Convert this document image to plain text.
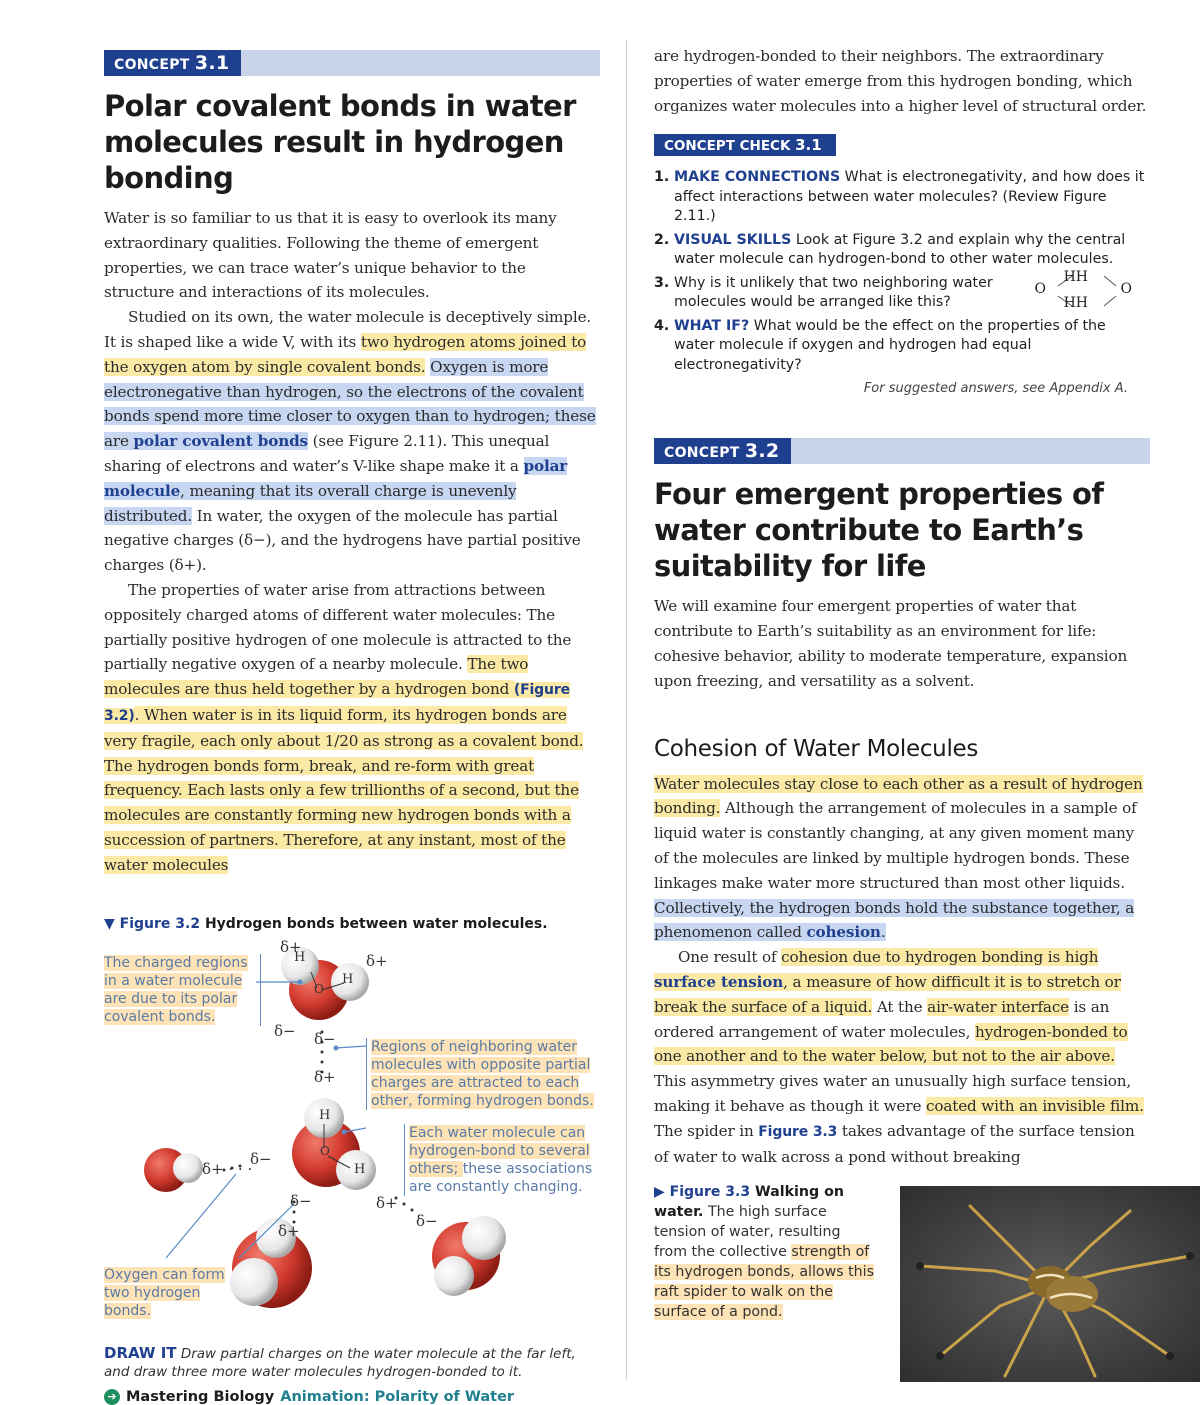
CONCEPT 3.1
Polar covalent bonds in water molecules result in hydrogen bonding

Water is so familiar to us that it is easy to overlook its many extraordinary qualities. Following the theme of emergent properties, we can trace water’s unique behavior to the structure and interactions of its molecules.

Studied on its own, the water molecule is deceptively simple. It is shaped like a wide V, with its two hydrogen atoms joined to the oxygen atom by single covalent bonds. Oxygen is more electronegative than hydrogen, so the electrons of the covalent bonds spend more time closer to oxygen than to hydrogen; these are polar covalent bonds (see Figure 2.11). This unequal sharing of electrons and water’s V-like shape make it a polar molecule, meaning that its overall charge is unevenly distributed. In water, the oxygen of the molecule has partial negative charges (δ−), and the hydrogens have partial positive charges (δ+).

The properties of water arise from attractions between oppositely charged atoms of different water molecules: The partially positive hydrogen of one molecule is attracted to the partially negative oxygen of a nearby molecule. The two molecules are thus held together by a hydrogen bond (Figure 3.2). When water is in its liquid form, its hydrogen bonds are very fragile, each only about 1/20 as strong as a covalent bond. The hydrogen bonds form, break, and re-form with great frequency. Each lasts only a few trillionths of a second, but the molecules are constantly forming new hydrogen bonds with a succession of partners. Therefore, at any instant, most of the water molecules

▼ Figure 3.2 Hydrogen bonds between water molecules.
The charged regions in a water molecule are due to its polar covalent bonds.
Regions of neighboring water molecules with opposite partial charges are attracted to each other, forming hydrogen bonds.
Each water molecule can hydrogen-bond to several others; these associations are constantly changing.
Oxygen can form two hydrogen bonds.
δ+
δ+
δ− δ−
δ+
δ+ · · ·
δ−
δ−
δ+
δ+
δ−
H
H
O
H
H
O
DRAW IT Draw partial charges on the water molecule at the far left, and draw three more water molecules hydrogen-bonded to it.
➔ Mastering Biology Animation: Polarity of Water

are hydrogen-bonded to their neighbors. The extraordinary properties of water emerge from this hydrogen bonding, which organizes water molecules into a higher level of structural order.

CONCEPT CHECK 3.1
1. MAKE CONNECTIONS What is electronegativity, and how does it affect interactions between water molecules? (Review Figure 2.11.)
2. VISUAL SKILLS Look at Figure 3.2 and explain why the central water molecule can hydrogen-bond to other water molecules.
3. Why is it unlikely that two neighboring water molecules would be arranged like this?
HH
HH
O	O
4. WHAT IF? What would be the effect on the properties of the water molecule if oxygen and hydrogen had equal electronegativity?
For suggested answers, see Appendix A.
CONCEPT 3.2
Four emergent properties of water contribute to Earth’s suitability for life

We will examine four emergent properties of water that contribute to Earth’s suitability as an environment for life: cohesive behavior, ability to moderate temperature, expansion upon freezing, and versatility as a solvent.

Cohesion of Water Molecules

Water molecules stay close to each other as a result of hydrogen bonding. Although the arrangement of molecules in a sample of liquid water is constantly changing, at any given moment many of the molecules are linked by multiple hydrogen bonds. These linkages make water more structured than most other liquids. Collectively, the hydrogen bonds hold the substance together, a phenomenon called cohesion.

One result of cohesion due to hydrogen bonding is high surface tension, a measure of how difficult it is to stretch or break the surface of a liquid. At the air-water interface is an ordered arrangement of water molecules, hydrogen-bonded to one another and to the water below, but not to the air above. This asymmetry gives water an unusually high surface tension, making it behave as though it were coated with an invisible film. The spider in Figure 3.3 takes advantage of the surface tension of water to walk across a pond without breaking

▶ Figure 3.3 Walking on water. The high surface tension of water, resulting from the collective strength of its hydrogen bonds, allows this raft spider to walk on the surface of a pond.
